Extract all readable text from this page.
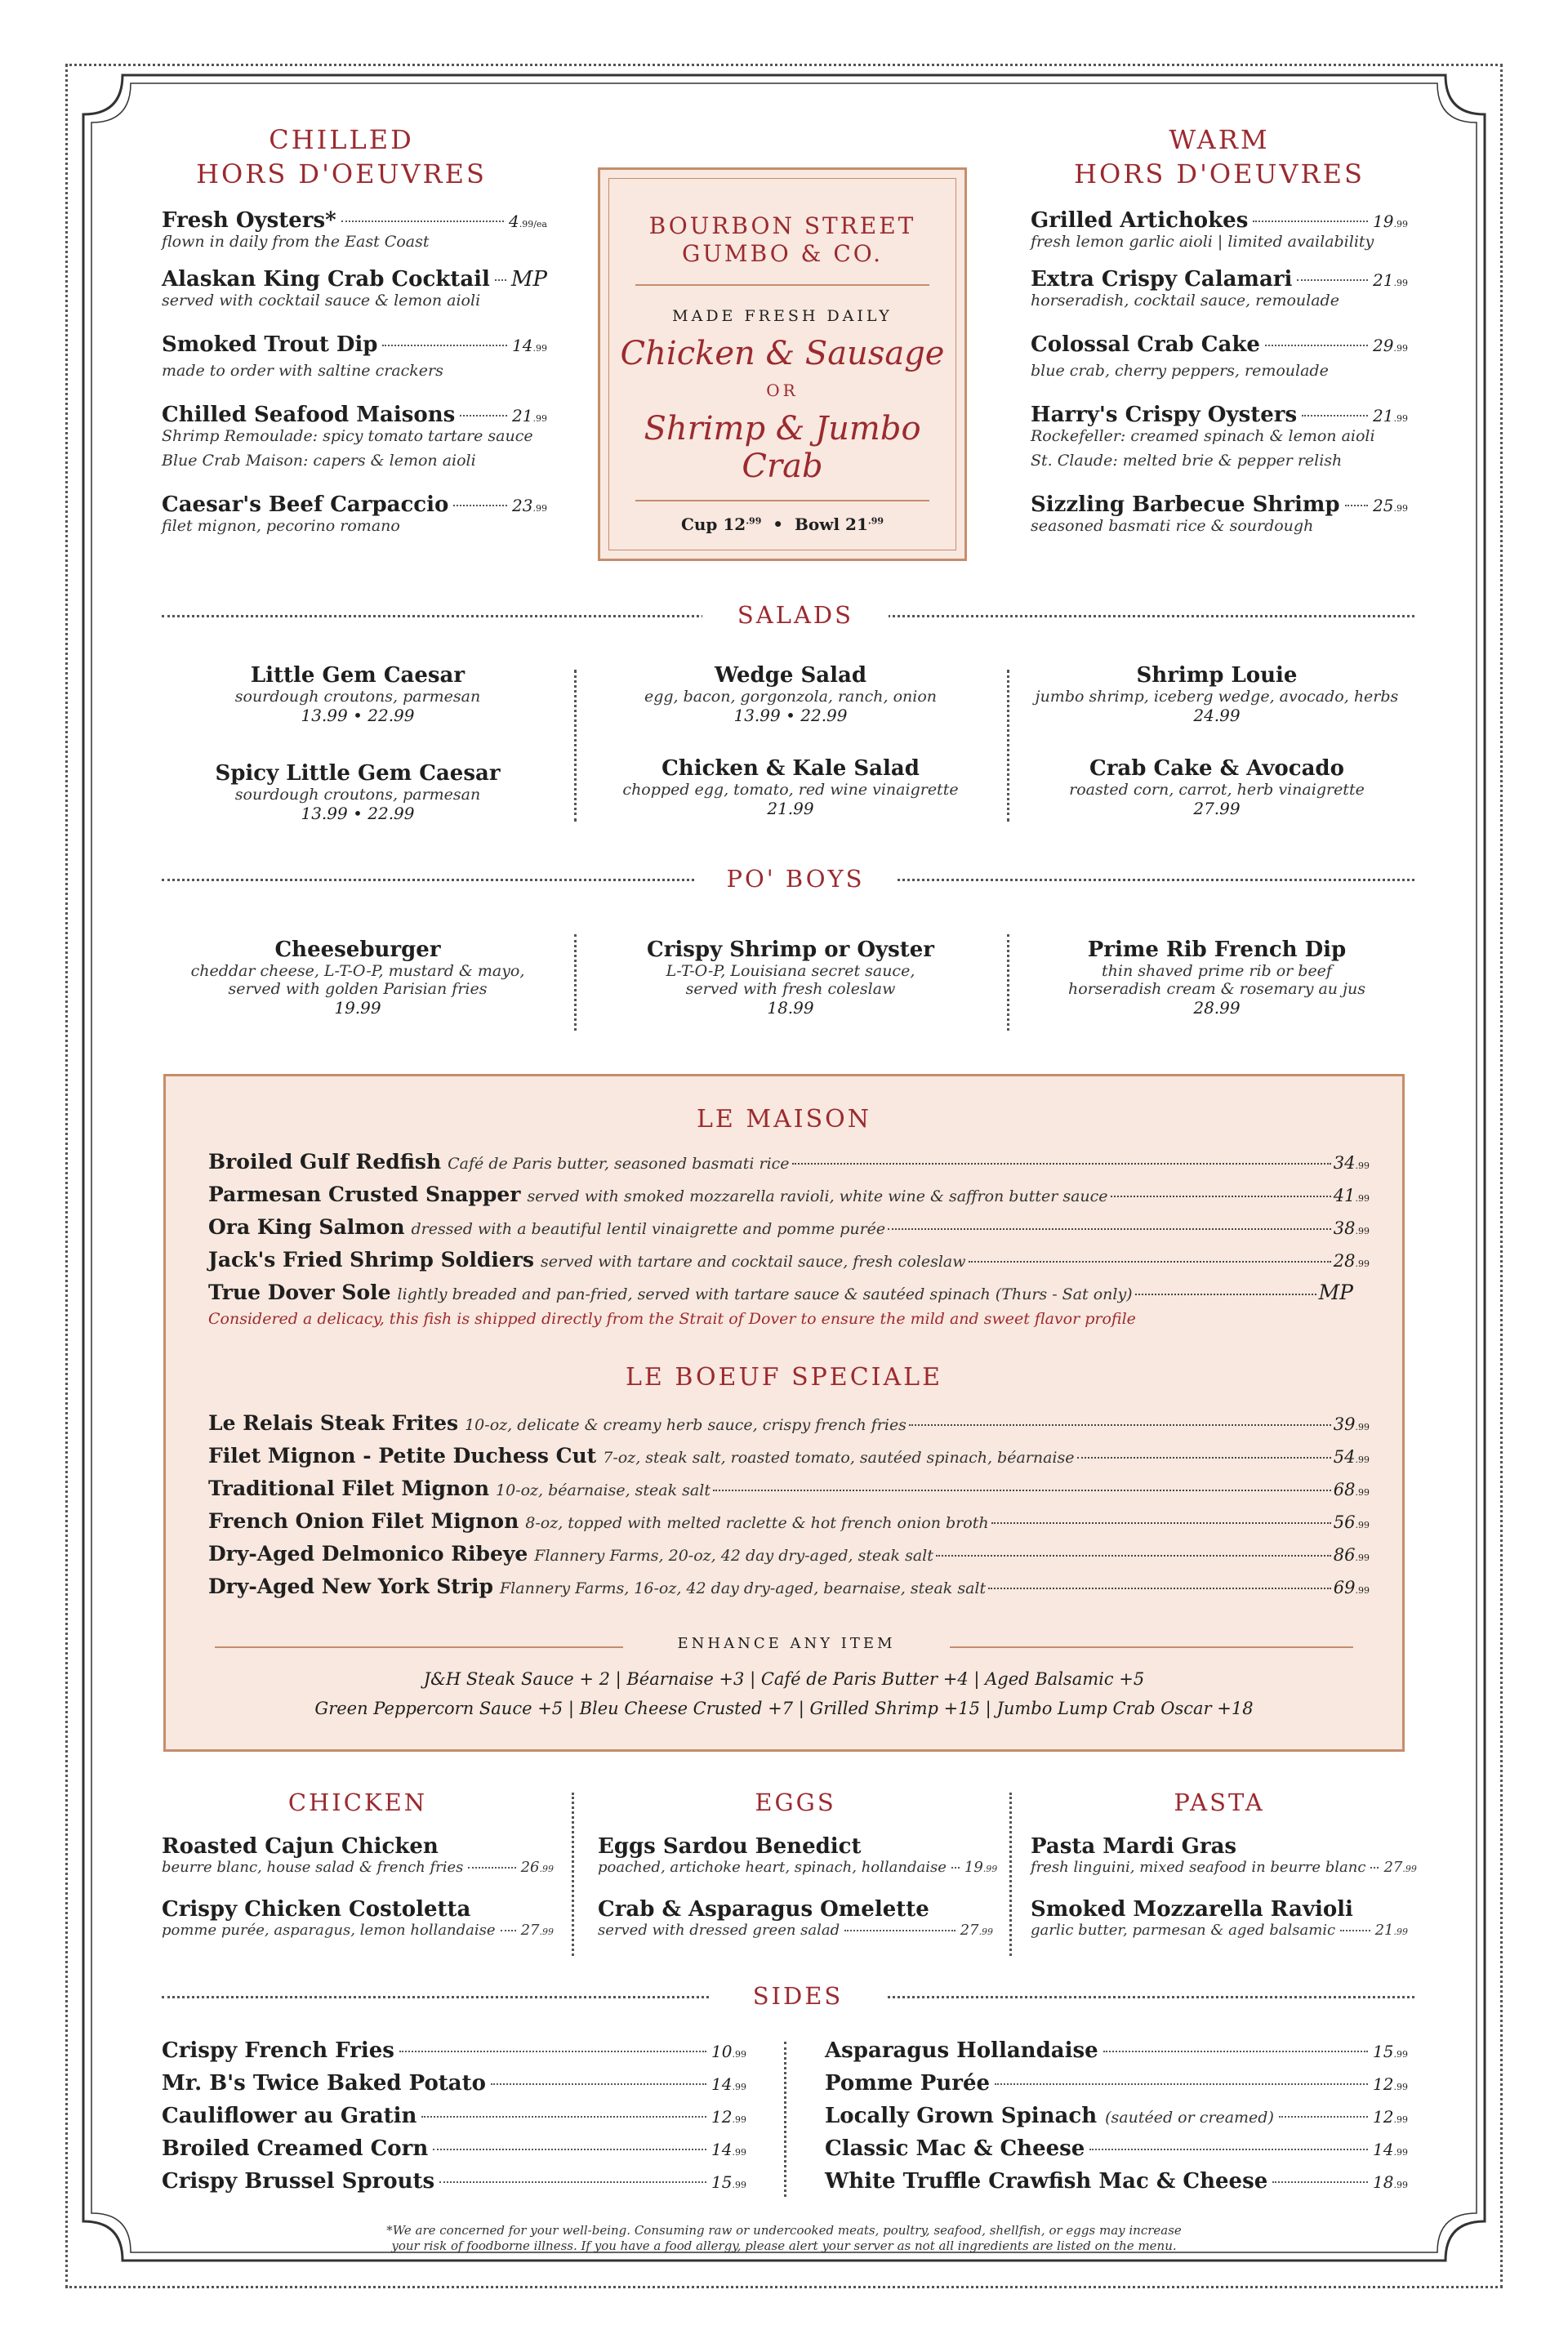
CHILLED
HORS D'OEUVRES
Fresh Oysters*	4 .99/ea
flown in daily from the East Coast
Alaskan King Crab Cocktail MP
served with cocktail sauce & lemon aioli
Smoked Trout Dip	14 .99
made to order with saltine crackers
Chilled Seafood Maisons	21 .99
Shrimp Remoulade: spicy tomato tartare sauce
Blue Crab Maison: capers & lemon aioli
Caesar's Beef Carpaccio	23 .99
filet mignon, pecorino romano
BOURBON STREET
GUMBO & CO.
MADE FRESH DAILY
Chicken & Sausage
OR
Shrimp & Jumbo Crab
Cup $12^{.99}$ • Bowl $21^{.99}$
WARM
HORS D'OEUVRES
Grilled Artichokes	19 .99
fresh lemon garlic aioli | limited availability
Extra Crispy Calamari	21 .99
horseradish, cocktail sauce, remoulade
Colossal Crab Cake	29 .99
blue crab, cherry peppers, remoulade
Harry's Crispy Oysters	21 .99
Rockefeller: creamed spinach & lemon aioli
St. Claude: melted brie & pepper relish
Sizzling Barbecue Shrimp 25 .99
seasoned basmati rice & sourdough
SALADS
Little Gem Caesar
sourdough croutons, parmesan
13.99 • 22.99
Spicy Little Gem Caesar
sourdough croutons, parmesan
13.99 • 22.99
Wedge Salad
egg, bacon, gorgonzola, ranch, onion
13.99 • 22.99
Chicken & Kale Salad
chopped egg, tomato, red wine vinaigrette
21.99
Shrimp Louie
jumbo shrimp, iceberg wedge, avocado, herbs
24.99
Crab Cake & Avocado
roasted corn, carrot, herb vinaigrette
27.99
PO' BOYS
Cheeseburger
cheddar cheese, L-T-O-P, mustard & mayo,
served with golden Parisian fries
19.99
Crispy Shrimp or Oyster
L-T-O-P, Louisiana secret sauce,
served with fresh coleslaw
18.99
Prime Rib French Dip
thin shaved prime rib or beef
horseradish cream & rosemary au jus
28.99
LE MAISON
Broiled Gulf Redfish Café de Paris butter, seasoned basmati rice	34 .99
Parmesan Crusted Snapper served with smoked mozzarella ravioli, white wine & saffron butter sauce	41 .99
Ora King Salmon dressed with a beautiful lentil vinaigrette and pomme purée	38 .99
Jack's Fried Shrimp Soldiers served with tartare and cocktail sauce, fresh coleslaw	28 .99
True Dover Sole lightly breaded and pan-fried, served with tartare sauce & sautéed spinach (Thurs - Sat only)	MP
Considered a delicacy, this fish is shipped directly from the Strait of Dover to ensure the mild and sweet flavor profile
LE BOEUF SPECIALE
Le Relais Steak Frites 10-oz, delicate & creamy herb sauce, crispy french fries	39 .99
Filet Mignon - Petite Duchess Cut 7-oz, steak salt, roasted tomato, sautéed spinach, béarnaise	54 .99
Traditional Filet Mignon 10-oz, béarnaise, steak salt	68 .99
French Onion Filet Mignon 8-oz, topped with melted raclette & hot french onion broth	56 .99
Dry-Aged Delmonico Ribeye Flannery Farms, 20-oz, 42 day dry-aged, steak salt	86 .99
Dry-Aged New York Strip Flannery Farms, 16-oz, 42 day dry-aged, bearnaise, steak salt	69 .99
ENHANCE ANY ITEM
J&H Steak Sauce + 2 | Béarnaise +3 | Café de Paris Butter +4 | Aged Balsamic +5
Green Peppercorn Sauce +5 | Bleu Cheese Crusted +7 | Grilled Shrimp +15 | Jumbo Lump Crab Oscar +18
CHICKEN
Roasted Cajun Chicken
beurre blanc, house salad & french fries	26 .99
Crispy Chicken Costoletta
pomme purée, asparagus, lemon hollandaise 27 .99
EGGS
Eggs Sardou Benedict
poached, artichoke heart, spinach, hollandaise 19 .99
Crab & Asparagus Omelette
served with dressed green salad	27 .99
PASTA
Pasta Mardi Gras
fresh linguini, mixed seafood in beurre blanc 27 .99
Smoked Mozzarella Ravioli
garlic butter, parmesan & aged balsamic	21 .99
SIDES
Crispy French Fries	10 .99
Mr. B's Twice Baked Potato	14 .99
Cauliflower au Gratin	12 .99
Broiled Creamed Corn	14 .99
Crispy Brussel Sprouts	15 .99
Asparagus Hollandaise	15 .99
Pomme Purée	12 .99
Locally Grown Spinach (sautéed or creamed)	12 .99
Classic Mac & Cheese	14 .99
White Truffle Crawfish Mac & Cheese	18 .99
*We are concerned for your well-being. Consuming raw or undercooked meats, poultry, seafood, shellfish, or eggs may increase
your risk of foodborne illness. If you have a food allergy, please alert your server as not all ingredients are listed on the menu.
